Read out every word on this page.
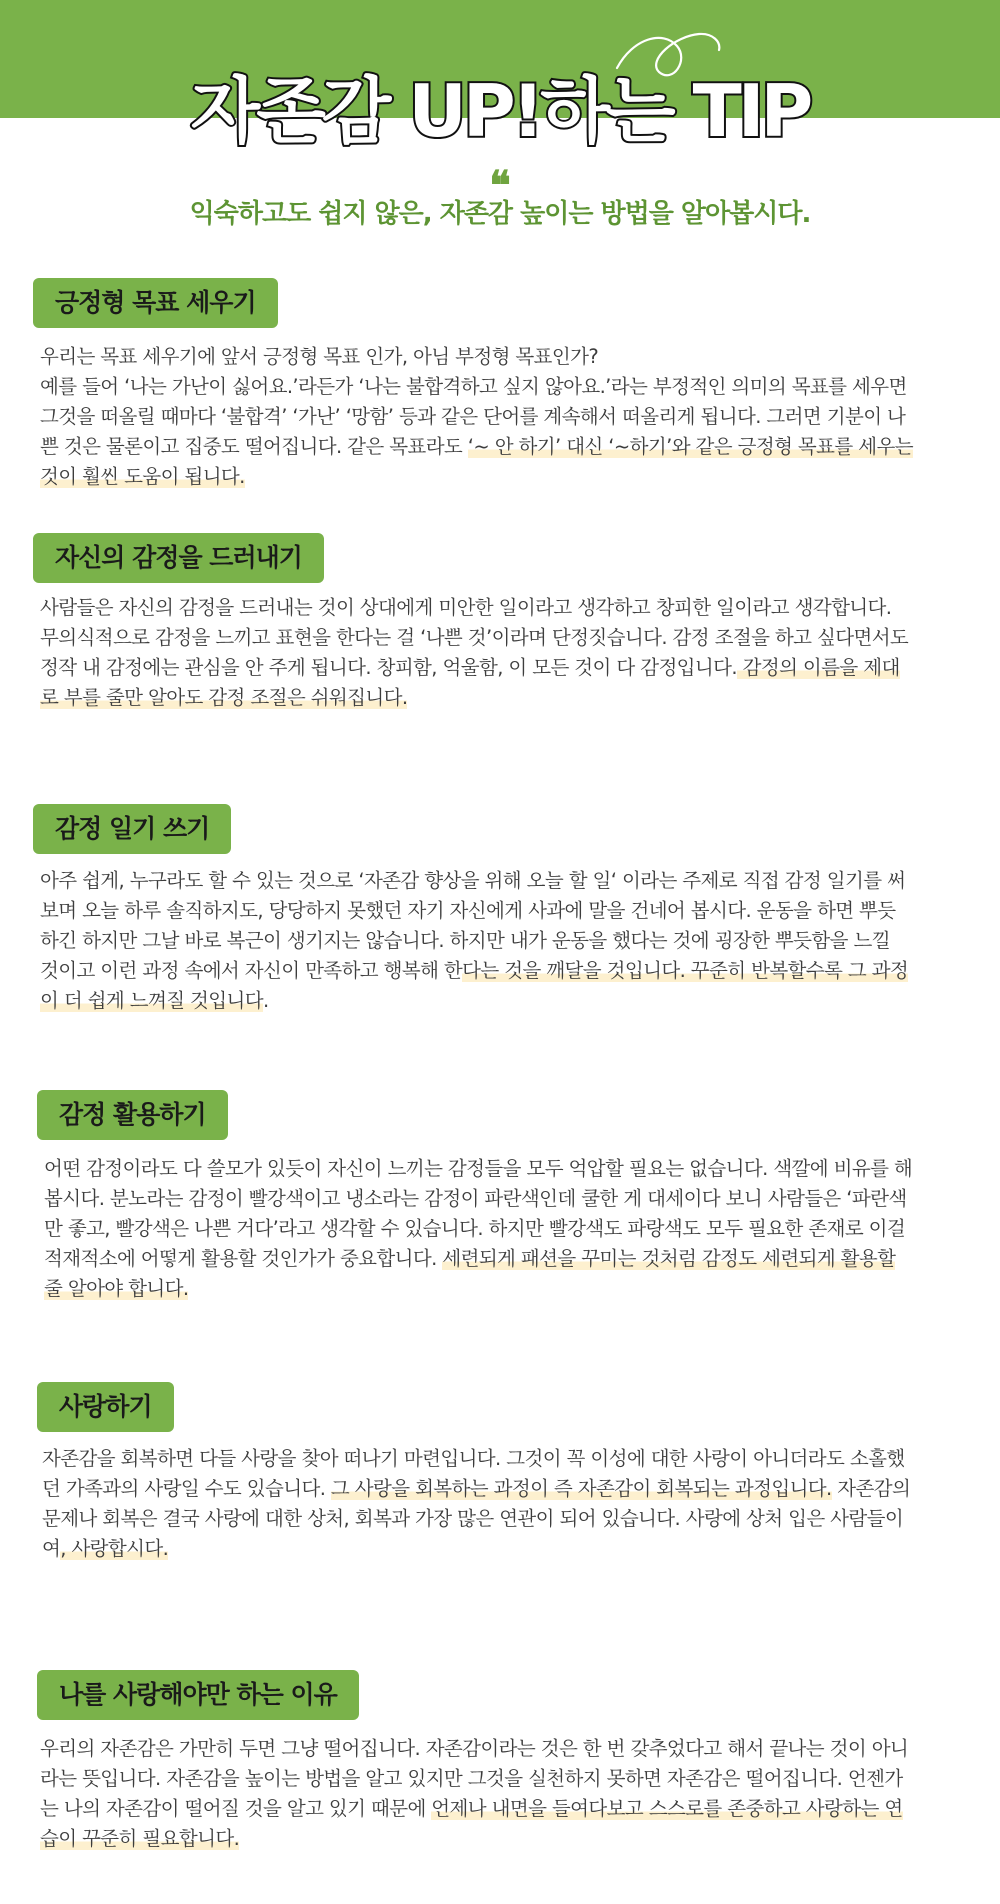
자존감 UP!하는 TIP
❝

익숙하고도 쉽지 않은, 자존감 높이는 방법을 알아봅시다.

긍정형 목표 세우기

우리는 목표 세우기에 앞서 긍정형 목표 인가, 아님 부정형 목표인가?
예를 들어 ‘나는 가난이 싫어요.’라든가 ‘나는 불합격하고 싶지 않아요.’라는 부정적인 의미의 목표를 세우면
그것을 떠올릴 때마다 ‘불합격’ ‘가난’ ‘망함’ 등과 같은 단어를 계속해서 떠올리게 됩니다. 그러면 기분이 나
쁜 것은 물론이고 집중도 떨어집니다. 같은 목표라도 ‘~ 안 하기’ 대신 ‘~하기’와 같은 긍정형 목표를 세우는
것이 훨씬 도움이 됩니다.

자신의 감정을 드러내기

사람들은 자신의 감정을 드러내는 것이 상대에게 미안한 일이라고 생각하고 창피한 일이라고 생각합니다.
무의식적으로 감정을 느끼고 표현을 한다는 걸 ‘나쁜 것’이라며 단정짓습니다. 감정 조절을 하고 싶다면서도
정작 내 감정에는 관심을 안 주게 됩니다. 창피함, 억울함, 이 모든 것이 다 감정입니다. 감정의 이름을 제대
로 부를 줄만 알아도 감정 조절은 쉬워집니다.

감정 일기 쓰기

아주 쉽게, 누구라도 할 수 있는 것으로 ‘자존감 향상을 위해 오늘 할 일‘ 이라는 주제로 직접 감정 일기를 써
보며 오늘 하루 솔직하지도, 당당하지 못했던 자기 자신에게 사과에 말을 건네어 봅시다. 운동을 하면 뿌듯
하긴 하지만 그날 바로 복근이 생기지는 않습니다. 하지만 내가 운동을 했다는 것에 굉장한 뿌듯함을 느낄
것이고 이런 과정 속에서 자신이 만족하고 행복해 한다는 것을 깨달을 것입니다. 꾸준히 반복할수록 그 과정
이 더 쉽게 느껴질 것입니다.

감정 활용하기

어떤 감정이라도 다 쓸모가 있듯이 자신이 느끼는 감정들을 모두 억압할 필요는 없습니다. 색깔에 비유를 해
봅시다. 분노라는 감정이 빨강색이고 냉소라는 감정이 파란색인데 쿨한 게 대세이다 보니 사람들은 ‘파란색
만 좋고, 빨강색은 나쁜 거다’라고 생각할 수 있습니다. 하지만 빨강색도 파랑색도 모두 필요한 존재로 이걸
적재적소에 어떻게 활용할 것인가가 중요합니다. 세련되게 패션을 꾸미는 것처럼 감정도 세련되게 활용할
줄 알아야 합니다.

사랑하기

자존감을 회복하면 다들 사랑을 찾아 떠나기 마련입니다. 그것이 꼭 이성에 대한 사랑이 아니더라도 소홀했
던 가족과의 사랑일 수도 있습니다. 그 사랑을 회복하는 과정이 즉 자존감이 회복되는 과정입니다. 자존감의
문제나 회복은 결국 사랑에 대한 상처, 회복과 가장 많은 연관이 되어 있습니다. 사랑에 상처 입은 사람들이
여, 사랑합시다.

나를 사랑해야만 하는 이유

우리의 자존감은 가만히 두면 그냥 떨어집니다. 자존감이라는 것은 한 번 갖추었다고 해서 끝나는 것이 아니
라는 뜻입니다. 자존감을 높이는 방법을 알고 있지만 그것을 실천하지 못하면 자존감은 떨어집니다. 언젠가
는 나의 자존감이 떨어질 것을 알고 있기 때문에 언제나 내면을 들여다보고 스스로를 존중하고 사랑하는 연
습이 꾸준히 필요합니다.
